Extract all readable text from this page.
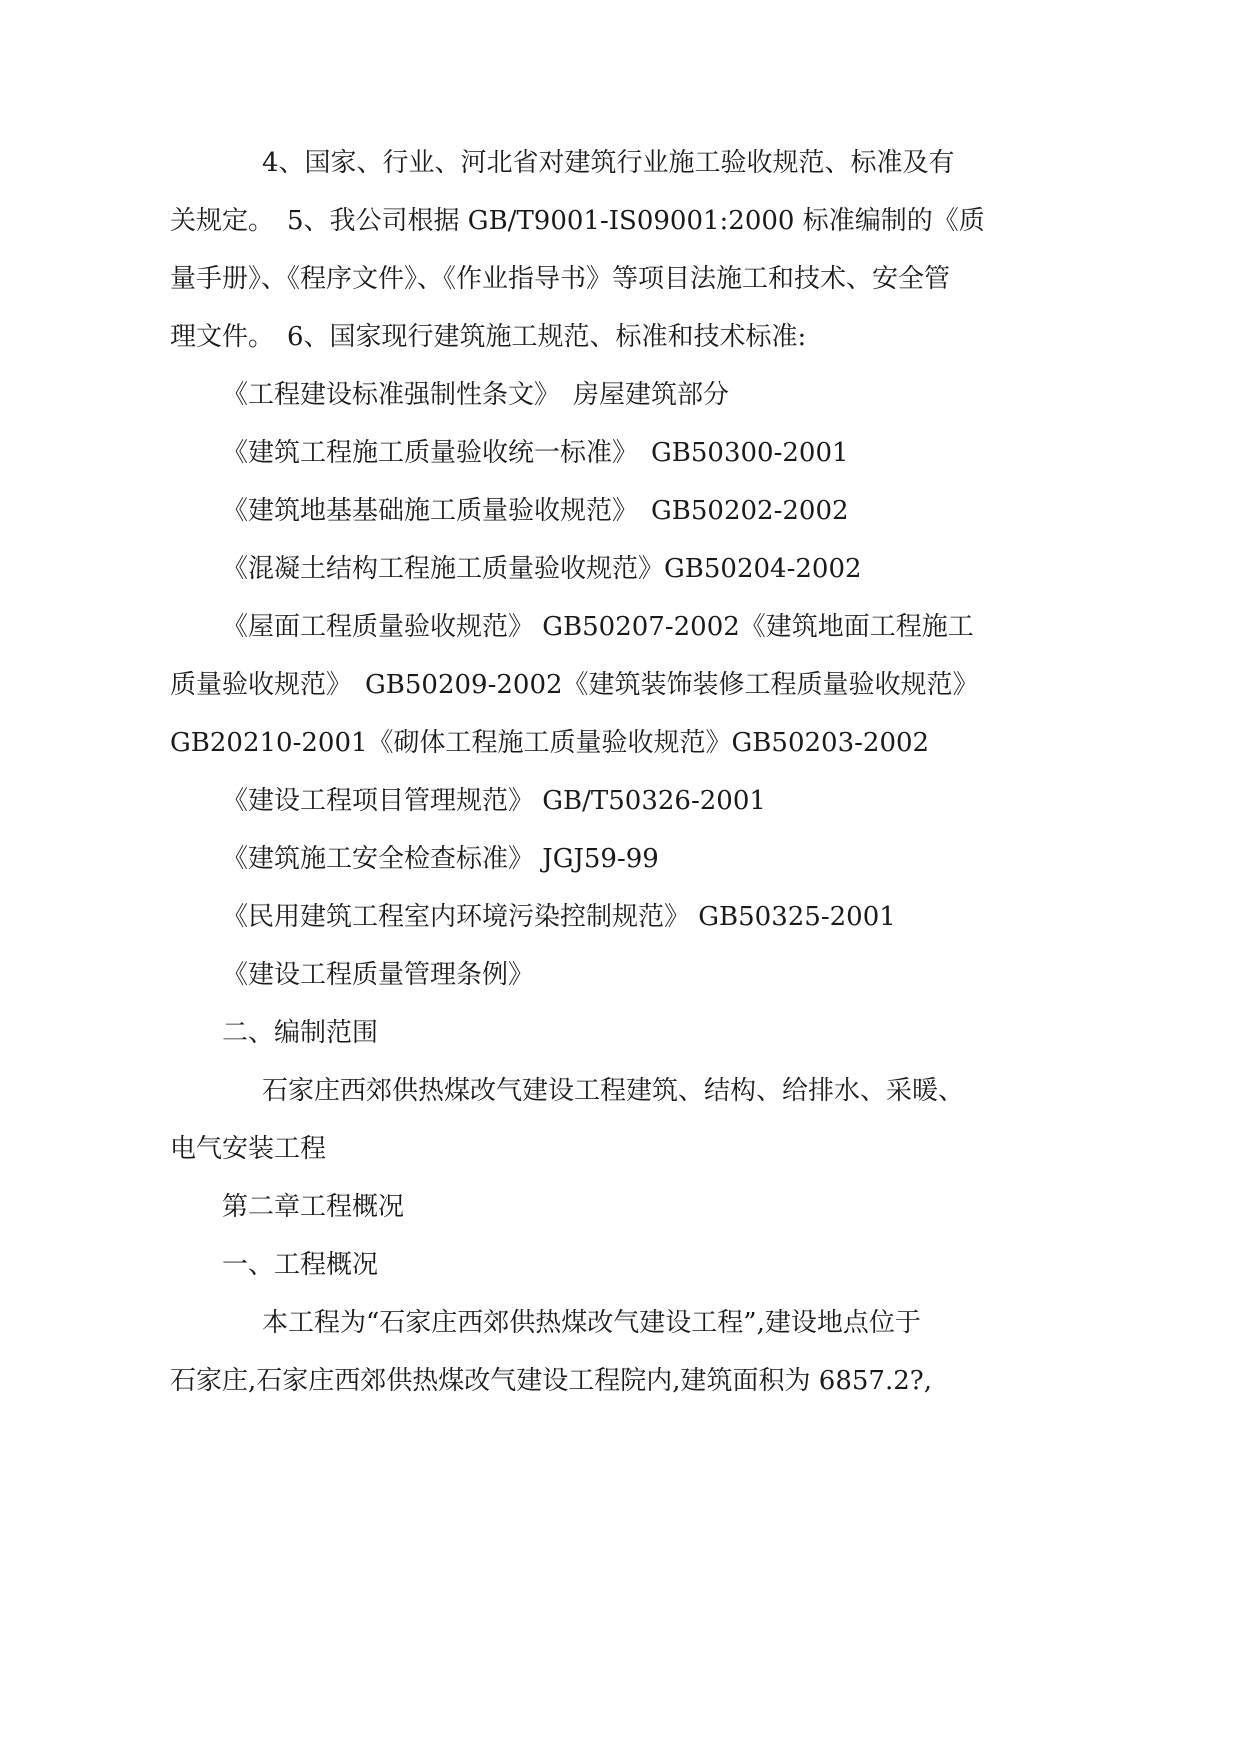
4、国家、行业、河北省对建筑行业施工验收规范、标准及有
关规定。　5、我公司根据 GB/T9001-IS09001:2000 标准编制的《质
量手册》、《程序文件》、《作业指导书》等项目法施工和技术、安全管
理文件。　6、国家现行建筑施工规范、标准和技术标准:
《工程建设标准强制性条文》　房屋建筑部分
《建筑工程施工质量验收统一标准》　GB50300-2001
《建筑地基基础施工质量验收规范》　GB50202-2002
《混凝土结构工程施工质量验收规范》GB50204-2002
《屋面工程质量验收规范》 GB50207-2002《建筑地面工程施工
质量验收规范》　GB50209-2002《建筑装饰装修工程质量验收规范》
GB20210-2001《砌体工程施工质量验收规范》GB50203-2002
《建设工程项目管理规范》 GB/T50326-2001
《建筑施工安全检查标准》 JGJ59-99
《民用建筑工程室内环境污染控制规范》 GB50325-2001
《建设工程质量管理条例》
二、编制范围
石家庄西郊供热煤改气建设工程建筑、结构、给排水、采暖、
电气安装工程
第二章工程概况
一、工程概况
本工程为“石家庄西郊供热煤改气建设工程”,建设地点位于
石家庄,石家庄西郊供热煤改气建设工程院内,建筑面积为 6857.2?,
